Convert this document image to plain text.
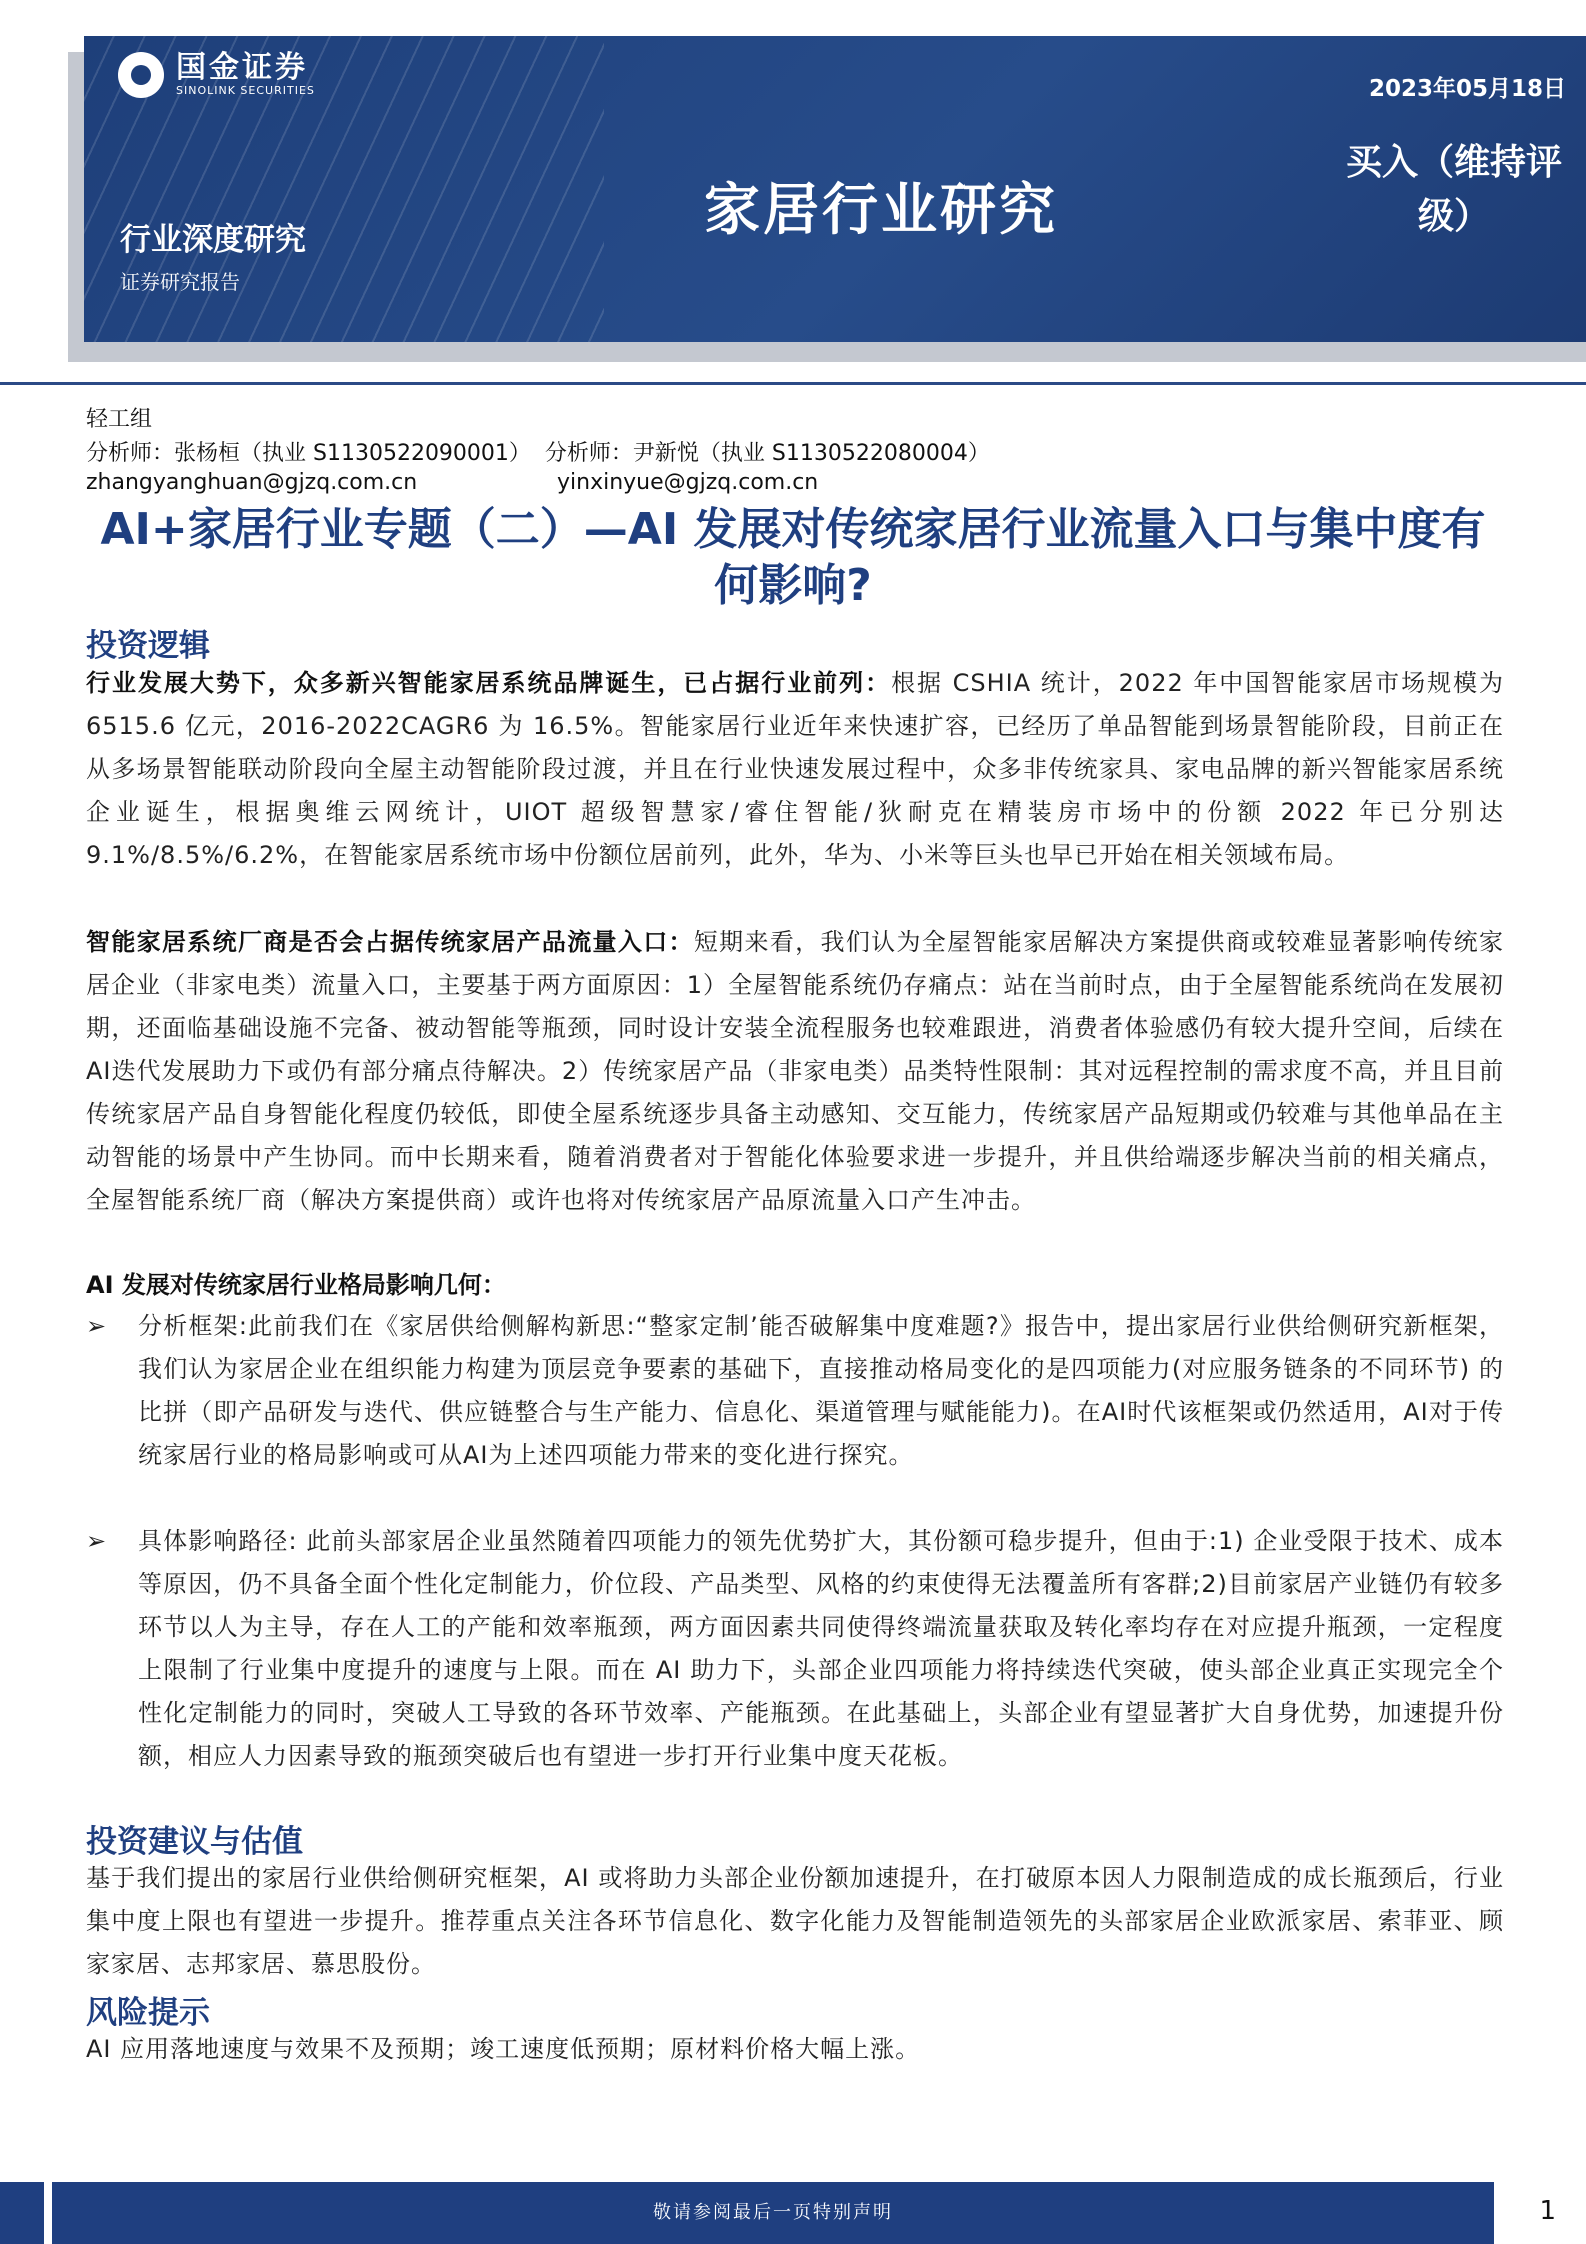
国金证券
SINOLINK SECURITIES
家居行业研究
行业深度研究
证券研究报告
2023年05月18日
买入（维持评级）
轻工组
分析师：张杨桓（执业 S1130522090001）  分析师：尹新悦（执业 S1130522080004）
zhangyanghuan@gjzq.com.cn	yinxinyue@gjzq.com.cn
AI+家居行业专题（二）—AI 发展对传统家居行业流量入口与集中度有何影响?
投资逻辑
行业发展大势下，众多新兴智能家居系统品牌诞生，已占据行业前列：根据 CSHIA 统计，2022 年中国智能家居市场规模为 6515.6 亿元，2016-2022CAGR6 为 16.5%。智能家居行业近年来快速扩容，已经历了单品智能到场景智能阶段，目前正在从多场景智能联动阶段向全屋主动智能阶段过渡，并且在行业快速发展过程中，众多非传统家具、家电品牌的新兴智能家居系统企业诞生，根据奥维云网统计，UIOT 超级智慧家/睿住智能/狄耐克在精装房市场中的份额 2022 年已分别达 9.1%/8.5%/6.2%，在智能家居系统市场中份额位居前列，此外，华为、小米等巨头也早已开始在相关领域布局。
智能家居系统厂商是否会占据传统家居产品流量入口：短期来看，我们认为全屋智能家居解决方案提供商或较难显著影响传统家居企业（非家电类）流量入口，主要基于两方面原因：1）全屋智能系统仍存痛点：站在当前时点，由于全屋智能系统尚在发展初期，还面临基础设施不完备、被动智能等瓶颈，同时设计安装全流程服务也较难跟进，消费者体验感仍有较大提升空间，后续在AI迭代发展助力下或仍有部分痛点待解决。2）传统家居产品（非家电类）品类特性限制：其对远程控制的需求度不高，并且目前传统家居产品自身智能化程度仍较低，即使全屋系统逐步具备主动感知、交互能力，传统家居产品短期或仍较难与其他单品在主动智能的场景中产生协同。而中长期来看，随着消费者对于智能化体验要求进一步提升，并且供给端逐步解决当前的相关痛点，全屋智能系统厂商（解决方案提供商）或许也将对传统家居产品原流量入口产生冲击。
AI 发展对传统家居行业格局影响几何：
➢	分析框架:此前我们在《家居供给侧解构新思:“整家定制’能否破解集中度难题?》报告中，提出家居行业供给侧研究新框架，我们认为家居企业在组织能力构建为顶层竞争要素的基础下，直接推动格局变化的是四项能力(对应服务链条的不同环节) 的比拼（即产品研发与迭代、供应链整合与生产能力、信息化、渠道管理与赋能能力)。在AI时代该框架或仍然适用，AI对于传统家居行业的格局影响或可从AI为上述四项能力带来的变化进行探究。
➢	具体影响路径: 此前头部家居企业虽然随着四项能力的领先优势扩大，其份额可稳步提升，但由于:1) 企业受限于技术、成本等原因，仍不具备全面个性化定制能力，价位段、产品类型、风格的约束使得无法覆盖所有客群;2)目前家居产业链仍有较多环节以人为主导，存在人工的产能和效率瓶颈，两方面因素共同使得终端流量获取及转化率均存在对应提升瓶颈，一定程度上限制了行业集中度提升的速度与上限。而在 AI 助力下，头部企业四项能力将持续迭代突破，使头部企业真正实现完全个性化定制能力的同时，突破人工导致的各环节效率、产能瓶颈。在此基础上，头部企业有望显著扩大自身优势，加速提升份额，相应人力因素导致的瓶颈突破后也有望进一步打开行业集中度天花板。
投资建议与估值
基于我们提出的家居行业供给侧研究框架，AI 或将助力头部企业份额加速提升，在打破原本因人力限制造成的成长瓶颈后，行业集中度上限也有望进一步提升。推荐重点关注各环节信息化、数字化能力及智能制造领先的头部家居企业欧派家居、索菲亚、顾家家居、志邦家居、慕思股份。
风险提示
AI 应用落地速度与效果不及预期；竣工速度低预期；原材料价格大幅上涨。
敬请参阅最后一页特别声明	1
